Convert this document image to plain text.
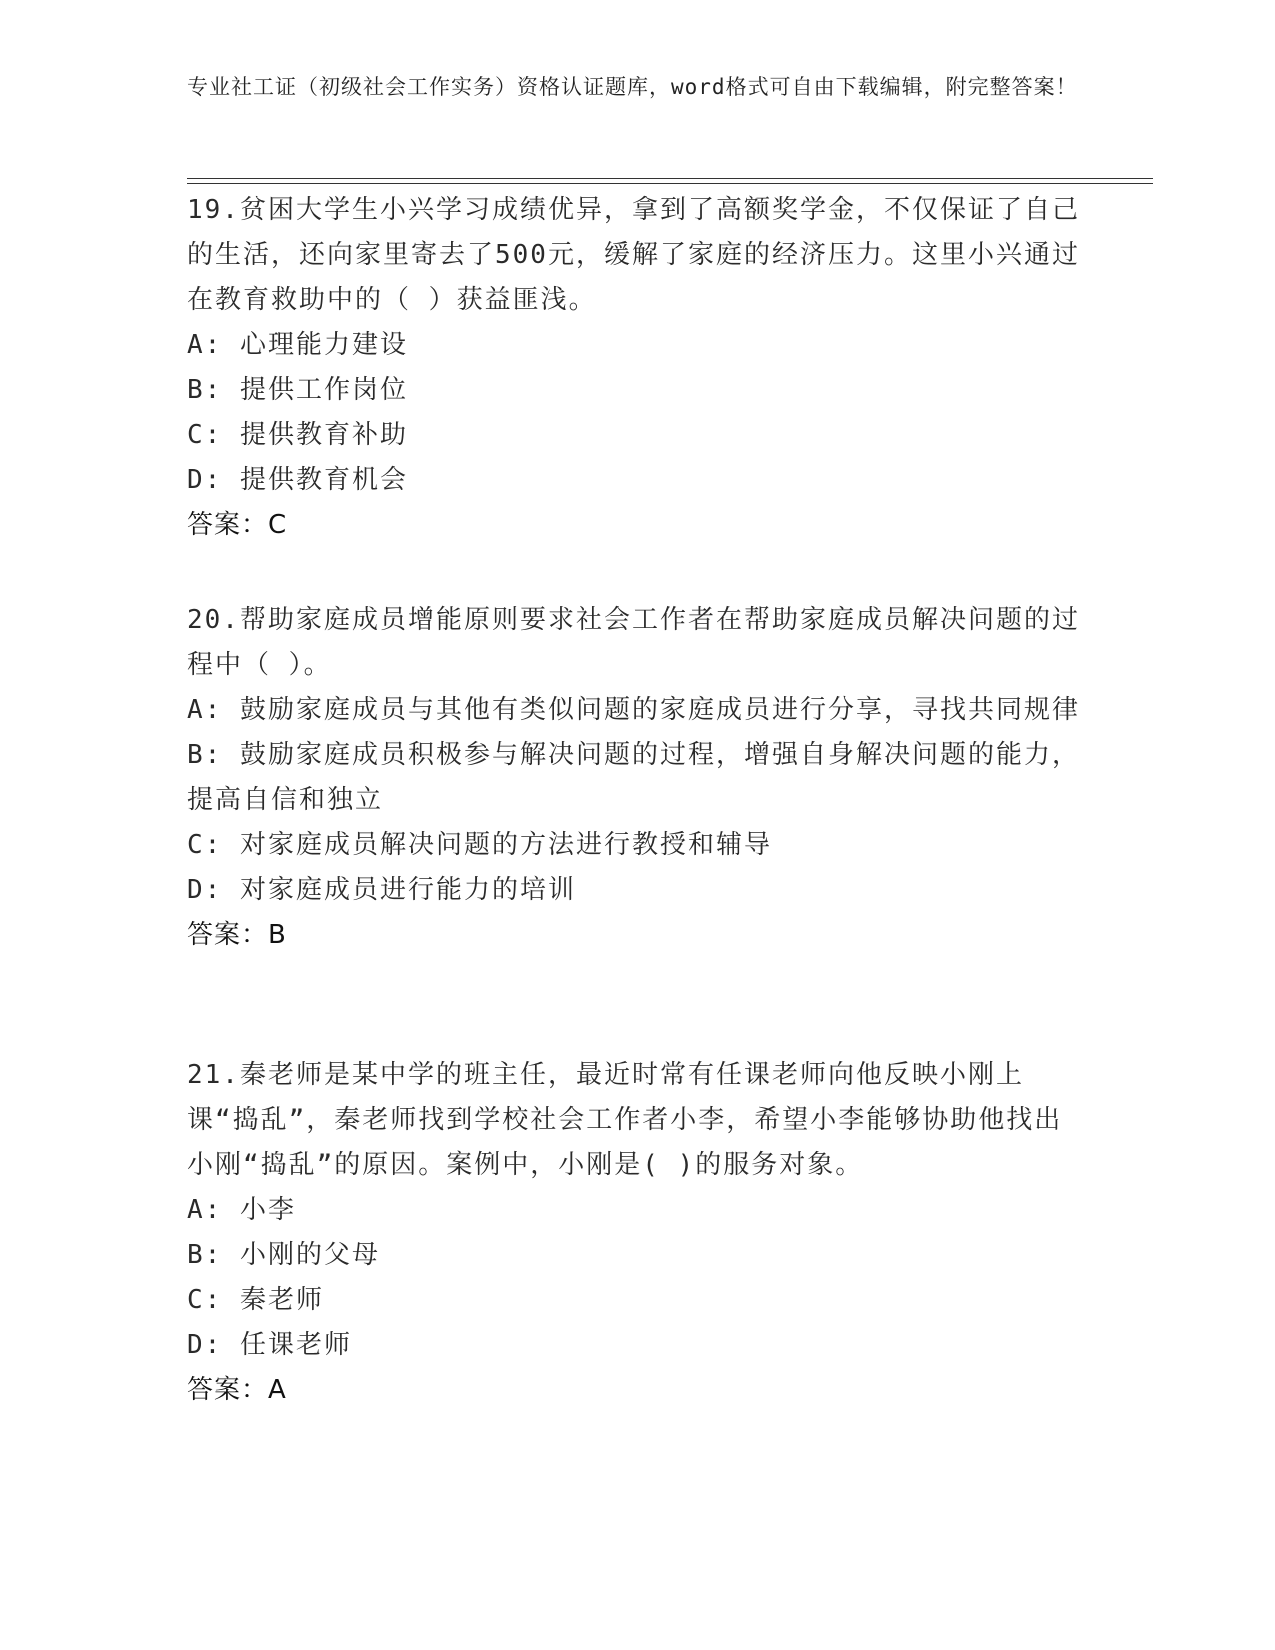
专业社工证（初级社会工作实务）资格认证题库，word格式可自由下载编辑，附完整答案！

19.贫困大学生小兴学习成绩优异，拿到了高额奖学金，不仅保证了自己的生活，还向家里寄去了500元，缓解了家庭的经济压力。这里小兴通过在教育救助中的（ ）获益匪浅。

A: 心理能力建设

B: 提供工作岗位

C: 提供教育补助

D: 提供教育机会

答案：C

20.帮助家庭成员增能原则要求社会工作者在帮助家庭成员解决问题的过程中（ ）。

A: 鼓励家庭成员与其他有类似问题的家庭成员进行分享，寻找共同规律

B: 鼓励家庭成员积极参与解决问题的过程，增强自身解决问题的能力，提高自信和独立

C: 对家庭成员解决问题的方法进行教授和辅导

D: 对家庭成员进行能力的培训

答案：B

21.秦老师是某中学的班主任，最近时常有任课老师向他反映小刚上课“捣乱”，秦老师找到学校社会工作者小李，希望小李能够协助他找出小刚“捣乱”的原因。案例中，小刚是( )的服务对象。

A: 小李

B: 小刚的父母

C: 秦老师

D: 任课老师

答案：A
